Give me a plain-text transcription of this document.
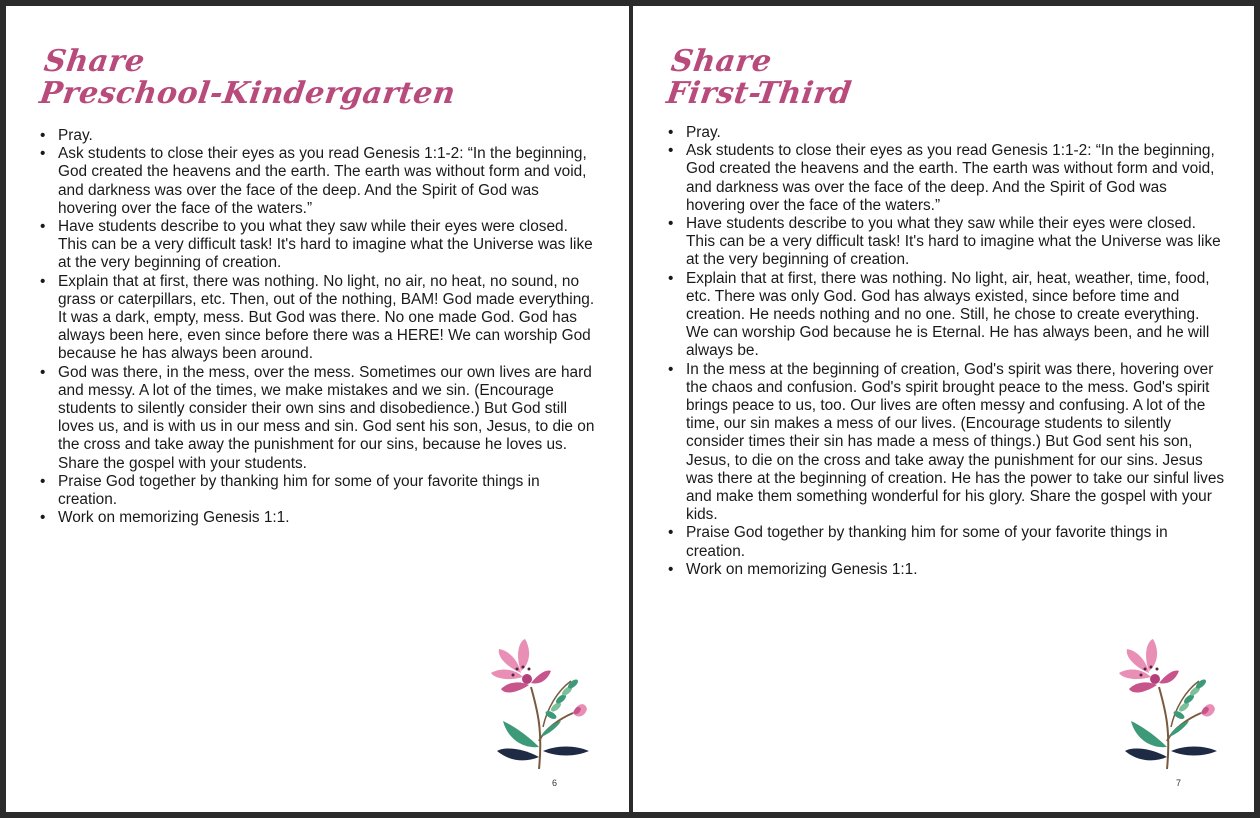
Share
Preschool-Kindergarten
• Pray.
• Ask students to close their eyes as you read Genesis 1:1-2: “In the beginning, God created the heavens and the earth. The earth was without form and void, and darkness was over the face of the deep. And the Spirit of God was hovering over the face of the waters.”
• Have students describe to you what they saw while their eyes were closed. This can be a very difficult task! It's hard to imagine what the Universe was like at the very beginning of creation.
• Explain that at first, there was nothing. No light, no air, no heat, no sound, no grass or caterpillars, etc. Then, out of the nothing, BAM! God made everything. It was a dark, empty, mess. But God was there. No one made God. God has always been here, even since before there was a HERE! We can worship God because he has always been around.
• God was there, in the mess, over the mess. Sometimes our own lives are hard and messy. A lot of the times, we make mistakes and we sin. (Encourage students to silently consider their own sins and disobedience.) But God still loves us, and is with us in our mess and sin. God sent his son, Jesus, to die on the cross and take away the punishment for our sins, because he loves us. Share the gospel with your students.
• Praise God together by thanking him for some of your favorite things in creation.
• Work on memorizing Genesis 1:1.
6
Share
First-Third
• Pray.
• Ask students to close their eyes as you read Genesis 1:1-2: “In the beginning, God created the heavens and the earth. The earth was without form and void, and darkness was over the face of the deep. And the Spirit of God was hovering over the face of the waters.”
• Have students describe to you what they saw while their eyes were closed. This can be a very difficult task! It's hard to imagine what the Universe was like at the very beginning of creation.
• Explain that at first, there was nothing. No light, air, heat, weather, time, food, etc. There was only God. God has always existed, since before time and creation. He needs nothing and no one. Still, he chose to create everything. We can worship God because he is Eternal. He has always been, and he will always be.
• In the mess at the beginning of creation, God's spirit was there, hovering over the chaos and confusion. God's spirit brought peace to the mess. God's spirit brings peace to us, too. Our lives are often messy and confusing. A lot of the time, our sin makes a mess of our lives. (Encourage students to silently consider times their sin has made a mess of things.) But God sent his son, Jesus, to die on the cross and take away the punishment for our sins. Jesus was there at the beginning of creation. He has the power to take our sinful lives and make them something wonderful for his glory. Share the gospel with your kids.
• Praise God together by thanking him for some of your favorite things in creation.
• Work on memorizing Genesis 1:1.
7
